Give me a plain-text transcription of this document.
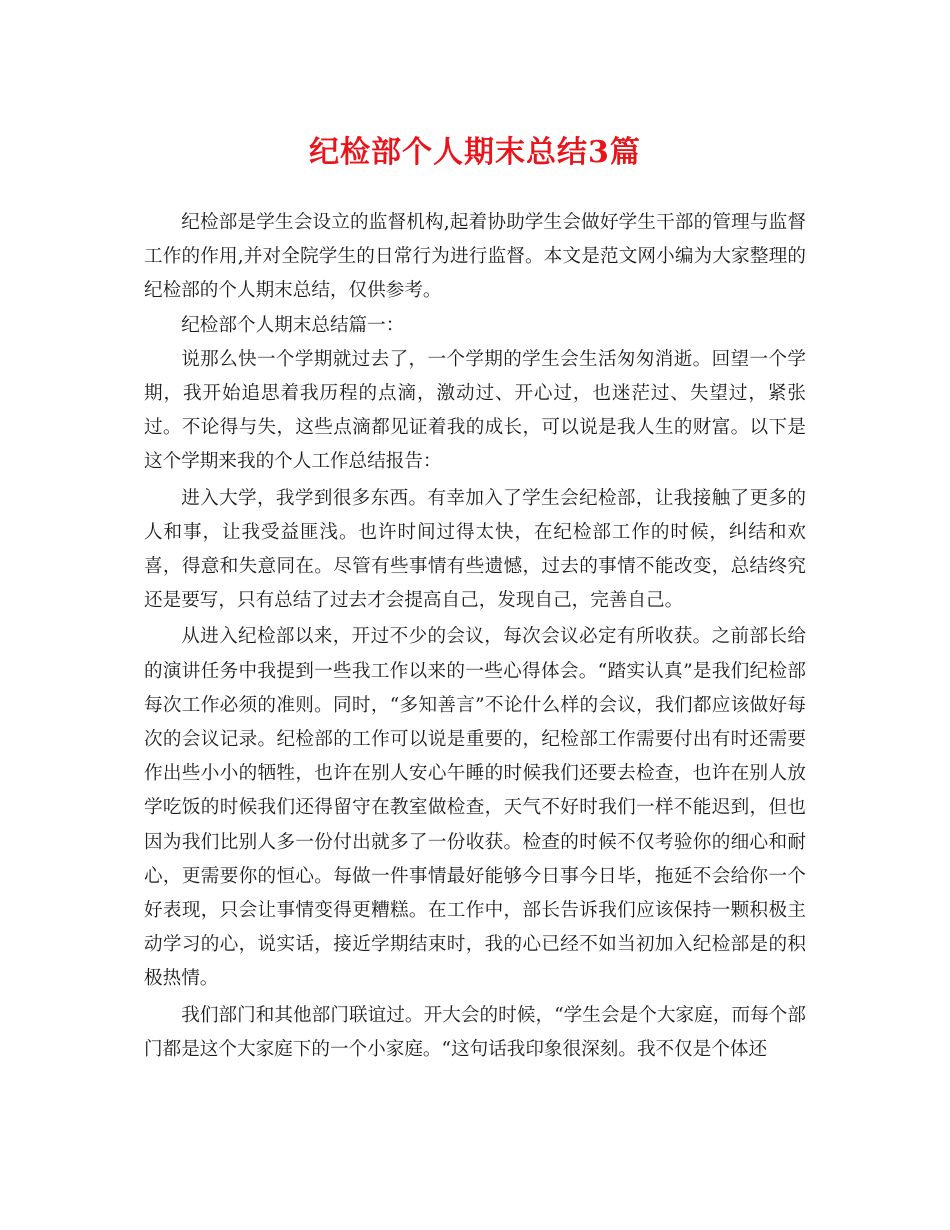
纪检部个人期末总结3篇

纪检部是学生会设立的监督机构,起着协助学生会做好学生干部的管理与监督工作的作用,并对全院学生的日常行为进行监督。本文是范文网小编为大家整理的纪检部的个人期末总结，仅供参考。

纪检部个人期末总结篇一：

说那么快一个学期就过去了，一个学期的学生会生活匆匆消逝。回望一个学期，我开始追思着我历程的点滴，激动过、开心过，也迷茫过、失望过，紧张过。不论得与失，这些点滴都见证着我的成长，可以说是我人生的财富。以下是这个学期来我的个人工作总结报告：

进入大学，我学到很多东西。有幸加入了学生会纪检部，让我接触了更多的人和事，让我受益匪浅。也许时间过得太快，在纪检部工作的时候，纠结和欢喜，得意和失意同在。尽管有些事情有些遗憾，过去的事情不能改变，总结终究还是要写，只有总结了过去才会提高自己，发现自己，完善自己。

从进入纪检部以来，开过不少的会议，每次会议必定有所收获。之前部长给的演讲任务中我提到一些我工作以来的一些心得体会。“踏实认真”是我们纪检部每次工作必须的准则。同时，“多知善言”不论什么样的会议，我们都应该做好每次的会议记录。纪检部的工作可以说是重要的，纪检部工作需要付出有时还需要作出些小小的牺牲，也许在别人安心午睡的时候我们还要去检查，也许在别人放学吃饭的时候我们还得留守在教室做检查，天气不好时我们一样不能迟到，但也因为我们比别人多一份付出就多了一份收获。检查的时候不仅考验你的细心和耐心，更需要你的恒心。每做一件事情最好能够今日事今日毕，拖延不会给你一个好表现，只会让事情变得更糟糕。在工作中，部长告诉我们应该保持一颗积极主动学习的心，说实话，接近学期结束时，我的心已经不如当初加入纪检部是的积极热情。

我们部门和其他部门联谊过。开大会的时候，“学生会是个大家庭，而每个部门都是这个大家庭下的一个小家庭。“这句话我印象很深刻。我不仅是个体还
